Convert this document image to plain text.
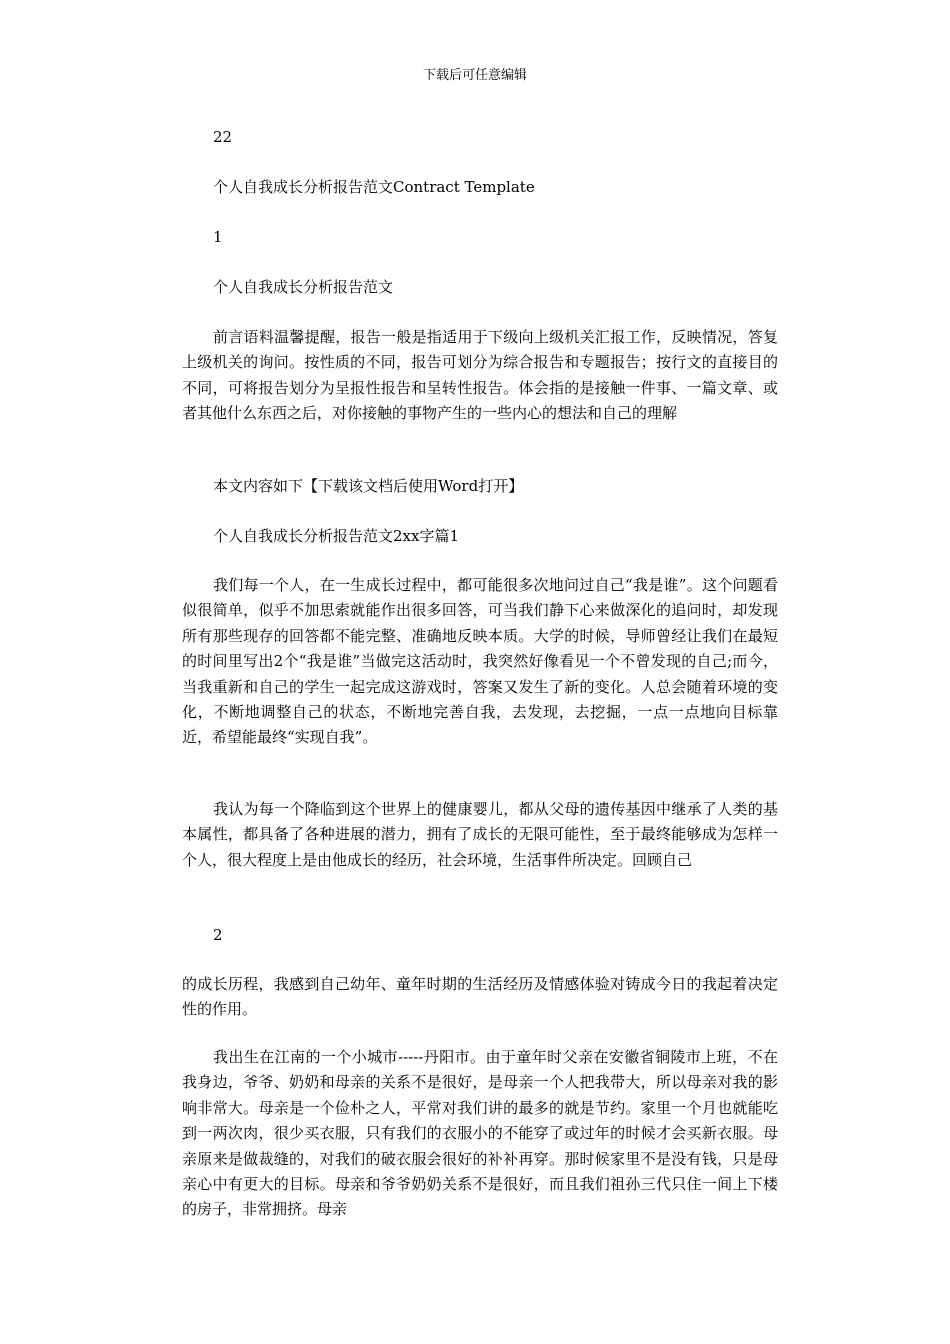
下载后可任意编辑
22
个人自我成长分析报告范文Contract Template
1
个人自我成长分析报告范文
前言语料温馨提醒，报告一般是指适用于下级向上级机关汇报工作，反映情况，答复上级机关的询问。按性质的不同，报告可划分为综合报告和专题报告；按行文的直接目的不同，可将报告划分为呈报性报告和呈转性报告。体会指的是接触一件事、一篇文章、或者其他什么东西之后，对你接触的事物产生的一些内心的想法和自己的理解
本文内容如下【下载该文档后使用Word打开】
个人自我成长分析报告范文2xx字篇1
我们每一个人，在一生成长过程中，都可能很多次地问过自己“我是谁”。这个问题看似很简单，似乎不加思索就能作出很多回答，可当我们静下心来做深化的追问时，却发现所有那些现存的回答都不能完整、准确地反映本质。大学的时候，导师曾经让我们在最短的时间里写出2个“我是谁”当做完这活动时，我突然好像看见一个不曾发现的自己;而今，当我重新和自己的学生一起完成这游戏时，答案又发生了新的变化。人总会随着环境的变化，不断地调整自己的状态，不断地完善自我，去发现，去挖掘，一点一点地向目标靠近，希望能最终“实现自我”。
我认为每一个降临到这个世界上的健康婴儿，都从父母的遗传基因中继承了人类的基本属性，都具备了各种进展的潜力，拥有了成长的无限可能性，至于最终能够成为怎样一个人，很大程度上是由他成长的经历，社会环境，生活事件所决定。回顾自己
2
的成长历程，我感到自己幼年、童年时期的生活经历及情感体验对铸成今日的我起着决定性的作用。
我出生在江南的一个小城市-----丹阳市。由于童年时父亲在安徽省铜陵市上班，不在我身边，爷爷、奶奶和母亲的关系不是很好，是母亲一个人把我带大，所以母亲对我的影响非常大。母亲是一个俭朴之人，平常对我们讲的最多的就是节约。家里一个月也就能吃到一两次肉，很少买衣服，只有我们的衣服小的不能穿了或过年的时候才会买新衣服。母亲原来是做裁缝的，对我们的破衣服会很好的补补再穿。那时候家里不是没有钱，只是母亲心中有更大的目标。母亲和爷爷奶奶关系不是很好，而且我们祖孙三代只住一间上下楼的房子，非常拥挤。母亲
